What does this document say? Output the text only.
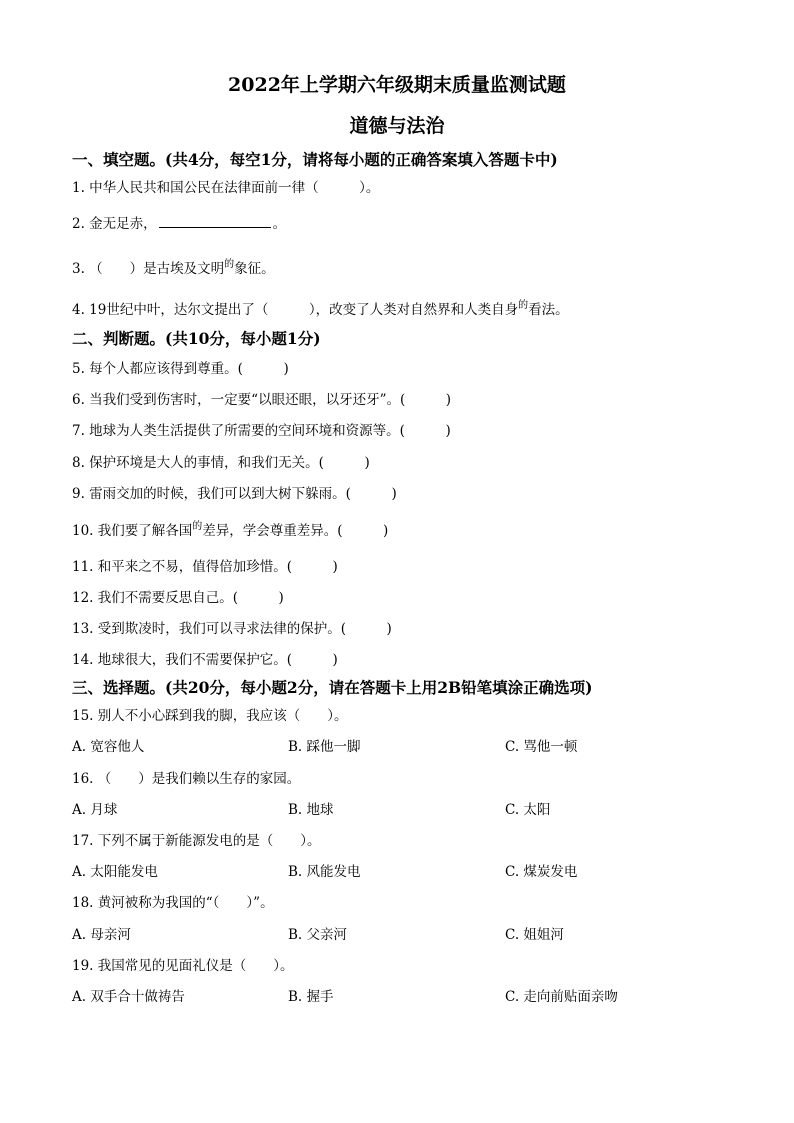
2022年上学期六年级期末质量监测试题
道德与法治
一、填空题。(共4分，每空1分，请将每小题的正确答案填入答题卡中)
1. 中华人民共和国公民在法律面前一律（　　　）。
2. 金无足赤，	。
3. （　　）是古埃及文明$^的$象征。
4. 19世纪中叶，达尔文提出了（　　　），改变了人类对自然界和人类自身$^的$看法。
二、判断题。(共10分，每小题1分)
5. 每个人都应该得到尊重。(　　　)
6. 当我们受到伤害时，一定要“以眼还眼，以牙还牙”。(　　　)
7. 地球为人类生活提供了所需要的空间环境和资源等。(　　　)
8. 保护环境是大人的事情，和我们无关。(　　　)
9. 雷雨交加的时候，我们可以到大树下躲雨。(　　　)
10. 我们要了解各国$^的$差异，学会尊重差异。(　　　)
11. 和平来之不易，值得倍加珍惜。(　　　)
12. 我们不需要反思自己。(　　　)
13. 受到欺凌时，我们可以寻求法律的保护。(　　　)
14. 地球很大，我们不需要保护它。(　　　)
三、选择题。(共20分，每小题2分，请在答题卡上用2B铅笔填涂正确选项)
15. 别人不小心踩到我的脚，我应该（　　）。
A. 宽容他人	B. 踩他一脚	C. 骂他一顿
16. （　　）是我们赖以生存的家园。
A. 月球	B. 地球	C. 太阳
17. 下列不属于新能源发电的是（　　）。
A. 太阳能发电	B. 风能发电	C. 煤炭发电
18. 黄河被称为我国的“（　　）”。
A. 母亲河	B. 父亲河	C. 姐姐河
19. 我国常见的见面礼仪是（　　）。
A. 双手合十做祷告	B. 握手	C. 走向前贴面亲吻
